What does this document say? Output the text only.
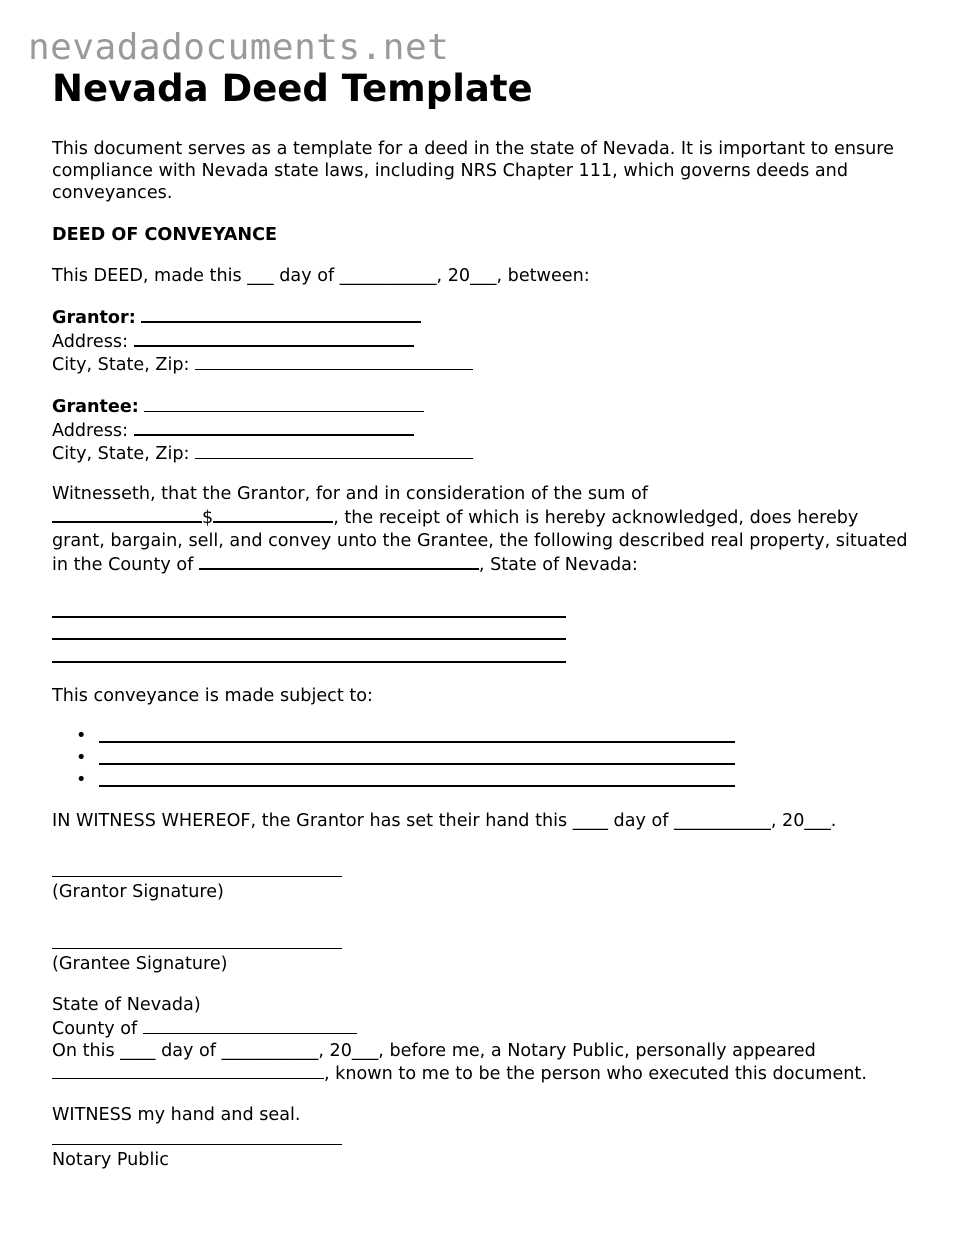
nevadadocuments.net
Nevada Deed Template

This document serves as a template for a deed in the state of Nevada. It is important to ensure compliance with Nevada state laws, including NRS Chapter 111, which governs deeds and conveyances.

DEED OF CONVEYANCE

This DEED, made this ___ day of ___________, 20___, between:

Grantor:
Address:
City, State, Zip:
Grantee:
Address:
City, State, Zip:

Witnesseth, that the Grantor, for and in consideration of the sum of
$	, the receipt of which is hereby acknowledged, does hereby grant, bargain, sell, and convey unto the Grantee, the following described real property, situated in the County of	, State of Nevada:

This conveyance is made subject to:

•
•
•

IN WITNESS WHEREOF, the Grantor has set their hand this ____ day of ___________, 20___.

(Grantor Signature)

(Grantee Signature)

State of Nevada)

County of

On this ____ day of ___________, 20___, before me, a Notary Public, personally appeared

, known to me to be the person who executed this document.

WITNESS my hand and seal.

Notary Public
